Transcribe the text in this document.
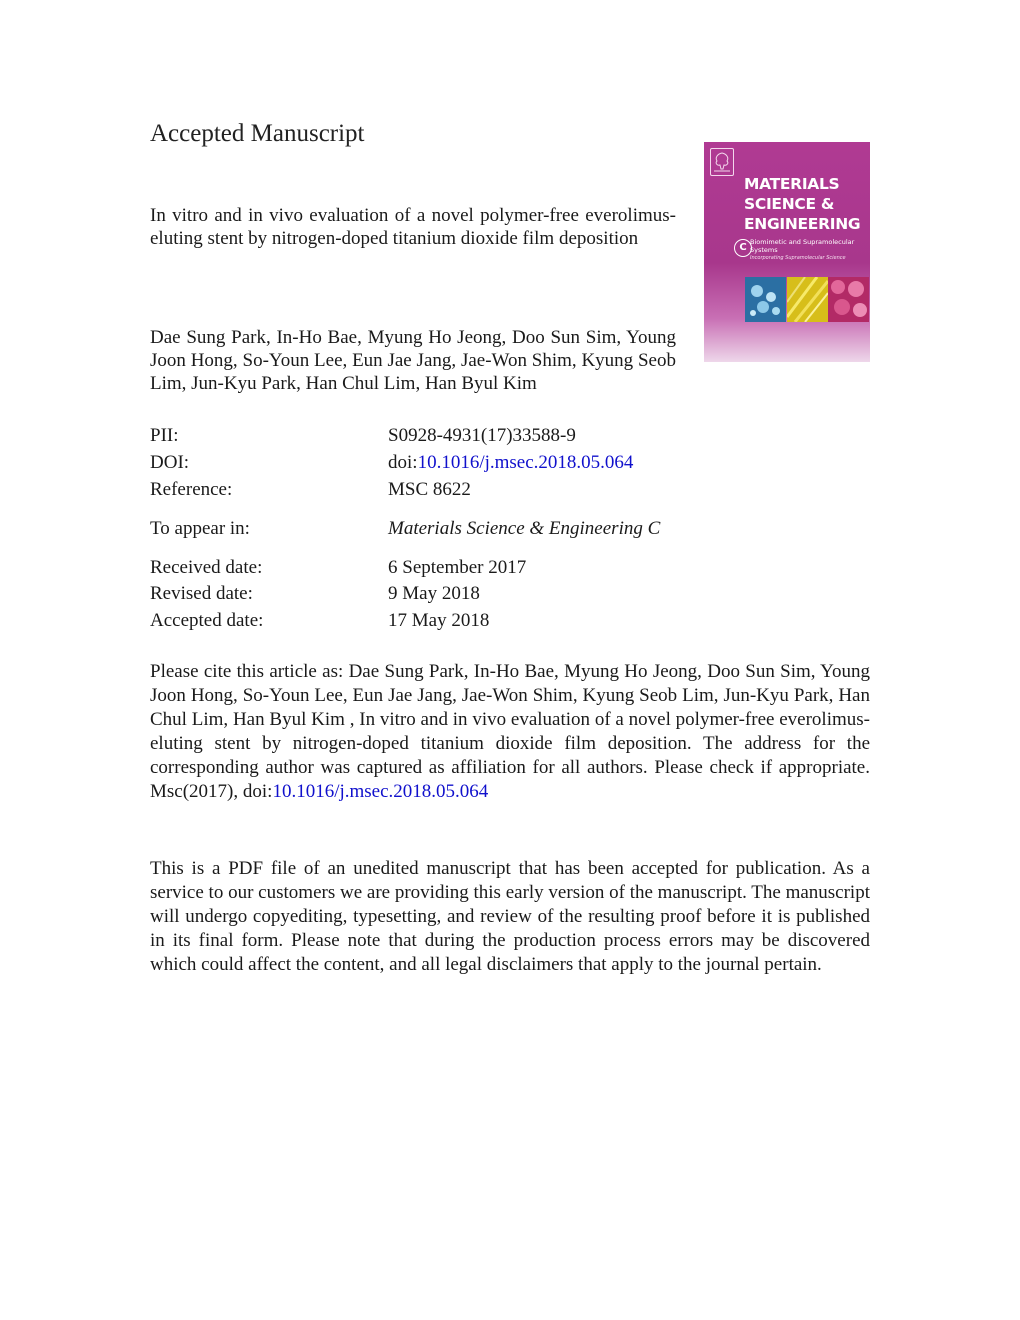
Accepted Manuscript
In vitro and in vivo evaluation of a novel polymer-free everolimus-eluting stent by nitrogen-doped titanium dioxide film deposition
Dae Sung Park, In-Ho Bae, Myung Ho Jeong, Doo Sun Sim, Young Joon Hong, So-Youn Lee, Eun Jae Jang, Jae-Won Shim, Kyung Seob Lim, Jun-Kyu Park, Han Chul Lim, Han Byul Kim
MATERIALS SCIENCE & ENGINEERING
C Biomimetic and Supramolecular Systems
Incorporating Supramolecular Science
PII:	S0928-4931(17)33588-9
DOI:	doi:10.1016/j.msec.2018.05.064
Reference:	MSC 8622
To appear in:	Materials Science & Engineering C
Received date:	6 September 2017
Revised date:	9 May 2018
Accepted date:	17 May 2018
Please cite this article as: Dae Sung Park, In-Ho Bae, Myung Ho Jeong, Doo Sun Sim, Young Joon Hong, So-Youn Lee, Eun Jae Jang, Jae-Won Shim, Kyung Seob Lim, Jun-Kyu Park, Han Chul Lim, Han Byul Kim , In vitro and in vivo evaluation of a novel polymer-free everolimus-eluting stent by nitrogen-doped titanium dioxide film deposition. The address for the corresponding author was captured as affiliation for all authors. Please check if appropriate. Msc(2017), doi:10.1016/j.msec.2018.05.064
This is a PDF file of an unedited manuscript that has been accepted for publication. As a service to our customers we are providing this early version of the manuscript. The manuscript will undergo copyediting, typesetting, and review of the resulting proof before it is published in its final form. Please note that during the production process errors may be discovered which could affect the content, and all legal disclaimers that apply to the journal pertain.
